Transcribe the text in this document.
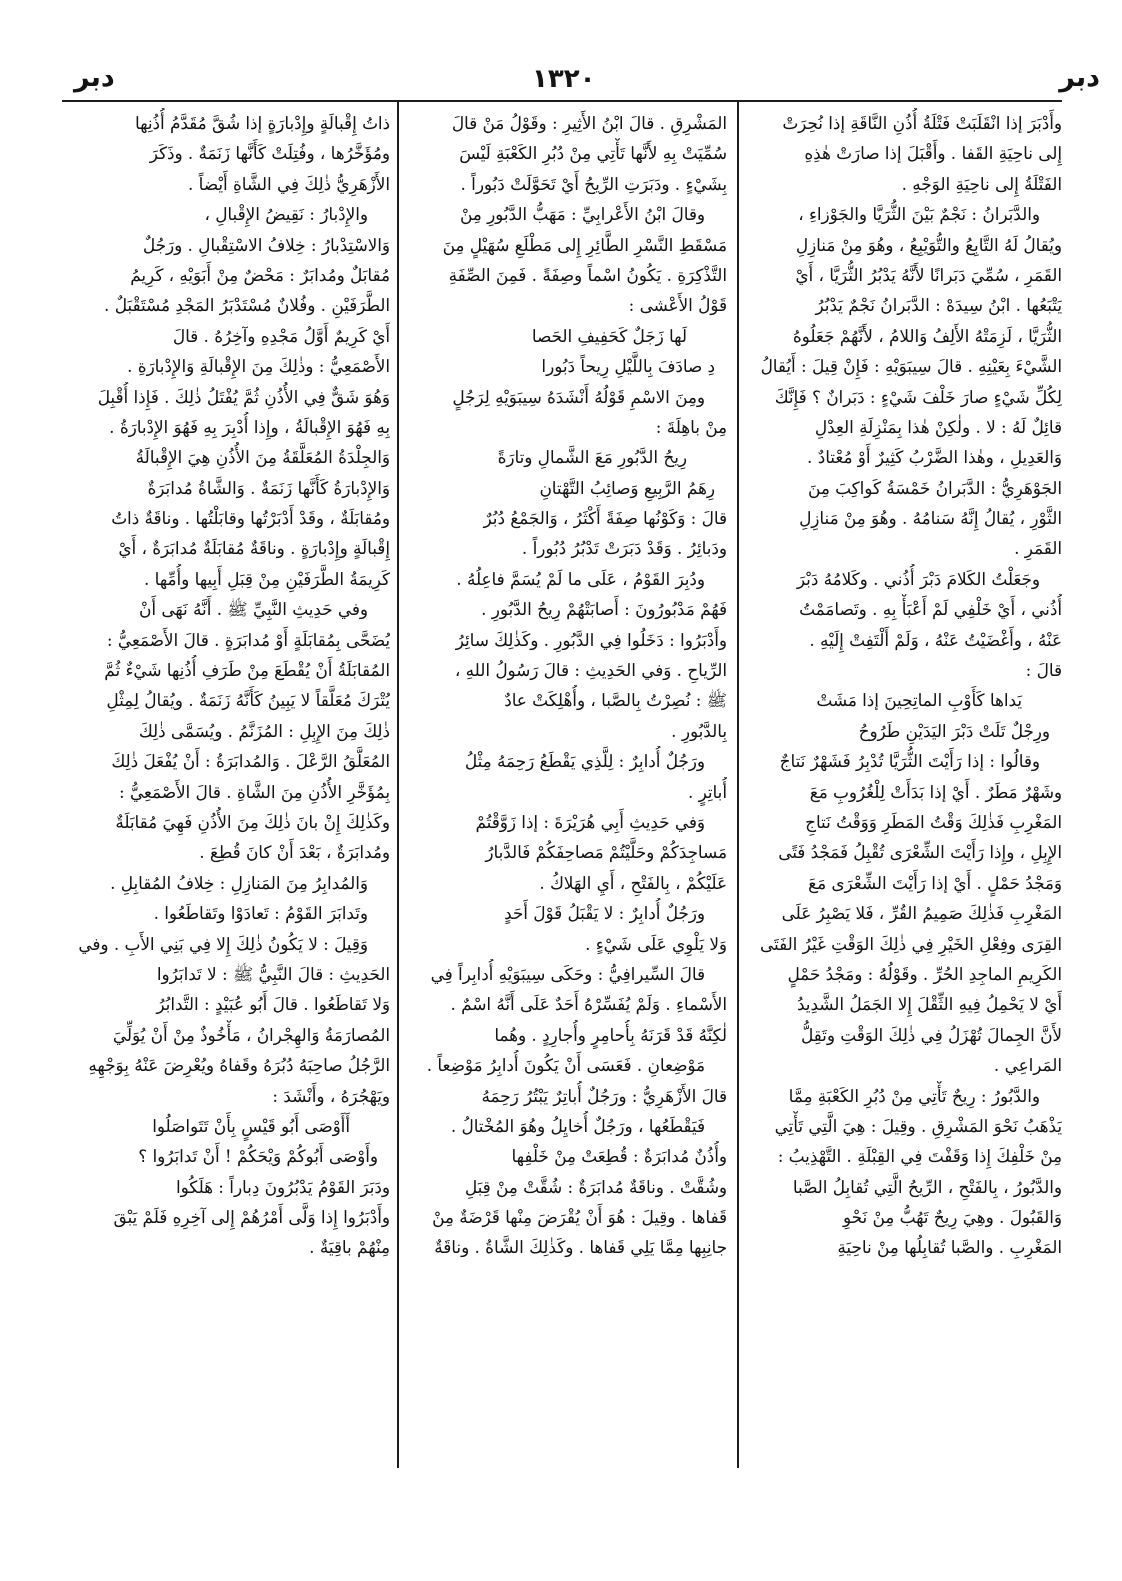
دبر
١٣٢٠
دبر
وأَدْبَرَ إذا انْقَلَبَتْ فَتْلَةُ أُذُنِ النَّاقَةِ إذا نُحِرَتْ
إِلى ناحِيَةِ القَفا . وأَقْبَلَ إذا صارَتْ هٰذِهِ
الفَتْلَةُ إِلى ناحِيَةِ الوَجْهِ .
والدَّبَرانُ : نَجْمٌ بَيْنَ الثُّرَيَّا والجَوْزاءِ ،
ويُقالُ لَهُ التَّابِعُ والتُّوَيْبِعُ ، وهُوَ مِنْ مَنازِلِ
القَمَرِ ، سُمِّيَ دَبَرانًا لأَنَّهُ يَدْبُرُ الثُّرَيَّا ، أَيْ
يَتْبَعُها . ابْنُ سِيدَهْ : الدَّبَرانُ نَجْمٌ يَدْبُرُ
الثُّرَيَّا ، لَزِمَتْهُ الأَلِفُ وَاللامُ ، لأَنَّهُمْ جَعَلُوهُ
الشَّيْءَ بِعَيْنِهِ . قالَ سِيبَوَيْهِ : فَإِنْ قِيلَ : أَيُقالُ
لِكُلِّ شَيْءٍ صارَ خَلْفَ شَيْءٍ : دَبَرانٌ ؟ فَإِنَّكَ
قائِلٌ لَهُ : لا . ولٰكِنْ هٰذا بِمَنْزِلَةِ العِدْلِ
وَالعَدِيلِ ، وهٰذا الضَّرْبُ كَثِيرٌ أَوْ مُعْتادٌ .
الجَوْهَرِيُّ : الدَّبَرانُ خَمْسَةُ كَواكِبَ مِنَ
الثَّوْرِ ، يُقالُ إِنَّهُ سَنامُهُ . وهُوَ مِنْ مَنازِلِ
القَمَرِ .
وجَعَلْتُ الكَلامَ دَبْرَ أُذُني . وكَلامُهُ دَبْرَ
أُذُني ، أَيْ خَلْفِي لَمْ أَعْبَأْ بِهِ . وتَصامَمْتُ
عَنْهُ ، وأَغْضَيْتُ عَنْهُ ، وَلَمْ أَلْتَفِتْ إِلَيْهِ .
قالَ :
يَداها كَأَوْبِ الماتِحِينَ إذا مَشَتْ
ورِجْلٌ تَلَتْ دَبْرَ اليَدَيْنِ طَرُوحُ
وقالُوا : إذا رَأَيْتَ الثُّرَيَّا تُدْبِرُ فَشَهْرٌ نَتاجٌ
وشَهْرٌ مَطَرٌ . أَيْ إذا بَدَأَتْ لِلْغُرُوبِ مَعَ
المَغْرِبِ فَذٰلِكَ وَقْتُ المَطَرِ وَوَقْتُ نَتاجِ
الإِبِلِ ، وإِذا رَأَيْتَ الشِّعْرَى تُقْبِلُ فَمَجْدُ فَتًى
وَمَجْدُ حَمْلٍ . أَيْ إذا رَأَيْتَ الشِّعْرَى مَعَ
المَغْرِبِ فَذٰلِكَ صَمِيمُ القُرِّ ، فَلا يَصْبِرُ عَلَى
القِرَى وفِعْلِ الخَيْرِ فِي ذٰلِكَ الوَقْتِ غَيْرُ الفَتَى
الكَرِيمِ الماجِدِ الحُرِّ . وقَوْلُهُ : ومَجْدُ حَمْلٍ
أَيْ لا يَحْمِلُ فِيهِ الثِّقْلَ إِلا الجَمَلُ الشَّدِيدُ
لأَنَّ الجِمالَ تُهْزَلُ فِي ذٰلِكَ الوَقْتِ وتَقِلُّ
المَراعِي .
والدَّبُورُ : رِيحٌ تَأْتِي مِنْ دُبُرِ الكَعْبَةِ مِمَّا
يَذْهَبُ نَحْوَ المَشْرِقِ . وقِيلَ : هِيَ الَّتِي تَأْتِي
مِنْ خَلْفِكَ إِذا وَقَفْتَ فِي القِبْلَةِ . التَّهْذِيبُ :
والدَّبُورُ ، بِالفَتْحِ ، الرِّيحُ الَّتِي تُقابِلُ الصَّبا
وَالقَبُولَ . وهِيَ رِيحٌ تَهُبُّ مِنْ نَحْوِ
المَغْرِبِ . والصَّبا تُقابِلُها مِنْ ناحِيَةِ
المَشْرِقِ . قالَ ابْنُ الأَثِيرِ : وقَوْلُ مَنْ قالَ
سُمِّيَتْ بِهِ لأَنَّها تَأْتِي مِنْ دُبُرِ الكَعْبَةِ لَيْسَ
بِشَيْءٍ . ودَبَرَتِ الرِّيحُ أَيْ تَحَوَّلَتْ دَبُوراً .
وقالَ ابْنُ الأَعْرابِيِّ : مَهَبُّ الدَّبُورِ مِنْ
مَسْقَطِ النَّسْرِ الطَّائِرِ إِلى مَطْلَعِ سُهَيْلٍ مِنَ
التَّذْكِرَةِ . يَكُونُ اسْماً وصِفَةً . فَمِنَ الصِّفَةِ
قَوْلُ الأَعْشى :
لَها زَجَلٌ كَحَفِيفِ الحَصا
دِ صادَفَ بِاللَّيْلِ رِيحاً دَبُورا
ومِنَ الاسْمِ قَوْلُهُ أَنْشَدَهُ سِيبَوَيْهِ لِرَجُلٍ
مِنْ باهِلَةَ :
رِيحُ الدَّبُورِ مَعَ الشَّمالِ وتارَةً
رِهَمُ الرَّبِيعِ وَصائِبُ التَّهْتانِ
قالَ : وَكَوْنُها صِفَةً أَكْثَرُ ، وَالجَمْعُ دُبُرٌ
ودَبائِرُ . وَقَدْ دَبَرَتْ تَدْبُرُ دُبُوراً .
ودُبِرَ القَوْمُ ، عَلَى ما لَمْ يُسَمَّ فاعِلُهُ .
فَهُمْ مَدْبُورُونَ : أَصابَتْهُمْ رِيحُ الدَّبُورِ .
وأَدْبَرُوا : دَخَلُوا فِي الدَّبُورِ . وكَذٰلِكَ سائِرُ
الرِّياحِ . وَفي الحَدِيثِ : قالَ رَسُولُ اللهِ ،
ﷺ : نُصِرْتُ بِالصَّبا ، وأُهْلِكَتْ عادٌ
بِالدَّبُورِ .
ورَجُلٌ أُدابِرٌ : لِلَّذِي يَقْطَعُ رَحِمَهُ مِثْلُ
أُباتِرٍ .
وَفي حَدِيثِ أَبِي هُرَيْرَةَ : إذا زَوَّقْتُمْ
مَساجِدَكُمْ وحَلَّيْتُمْ مَصاحِفَكُمْ فَالدَّبارُ
عَلَيْكُمْ ، بِالفَتْحِ ، أَيِ الهَلاكُ .
ورَجُلٌ أُدابِرٌ : لا يَقْبَلُ قَوْلَ أَحَدٍ
وَلا يَلْوِي عَلَى شَيْءٍ .
قالَ السِّيرافِيُّ : وحَكَى سِيبَوَيْهِ أُدابِراً فِي
الأَسْماءِ . وَلَمْ يُفَسِّرْهُ أَحَدٌ عَلَى أَنَّهُ اسْمٌ .
لٰكِنَّهُ قَدْ قَرَنَهُ بِأُحامِرٍ وأُجارِدٍ . وهُما
مَوْضِعانِ . فَعَسَى أَنْ يَكُونَ أُدابِرُ مَوْضِعاً .
قالَ الأَزْهَرِيُّ : ورَجُلٌ أُباتِرٌ يَبْتُرُ رَحِمَهُ
فَيَقْطَعُها ، ورَجُلٌ أُخايِلُ وهُوَ المُخْتالُ .
وأُذُنٌ مُدابَرَةٌ : قُطِعَتْ مِنْ خَلْفِها
وشُقَّتْ . وناقَةٌ مُدابَرَةٌ : شُقَّتْ مِنْ قِبَلِ
قَفاها . وقِيلَ : هُوَ أَنْ يُقْرَضَ مِنْها قَرْضَةٌ مِنْ
جانِبِها مِمَّا يَلِي قَفاها . وكَذٰلِكَ الشَّاةُ . وناقَةٌ
ذاتُ إِقْبالَةٍ وإِدْبارَةٍ إذا شُقَّ مُقَدَّمُ أُذُنِها
ومُؤَخَّرُها ، وفُتِلَتْ كَأَنَّها زَنَمَةٌ . وذَكَرَ
الأَزْهَرِيُّ ذٰلِكَ فِي الشَّاةِ أَيْضاً .
والإِدْبارُ : نَقِيضُ الإِقْبالِ ،
وَالاسْتِدْبارُ : خِلافُ الاسْتِقْبالِ . ورَجُلٌ
مُقابَلٌ ومُدابَرٌ : مَحْضٌ مِنْ أَبَوَيْهِ ، كَرِيمُ
الطَّرَفَيْنِ . وفُلانٌ مُسْتَدْبَرُ المَجْدِ مُسْتَقْبَلٌ .
أَيْ كَرِيمٌ أَوَّلُ مَجْدِهِ وآخِرُهُ . قالَ
الأَصْمَعِيُّ : وذٰلِكَ مِنَ الإِقْبالَةِ وَالإِدْبارَةِ .
وَهُوَ شَقٌّ فِي الأُذُنِ ثُمَّ يُفْتَلُ ذٰلِكَ . فَإِذا أُقْبِلَ
بِهِ فَهُوَ الإِقْبالَةُ ، وإِذا أُدْبِرَ بِهِ فَهُوَ الإِدْبارَةُ .
وَالجِلْدَةُ المُعَلَّقَةُ مِنَ الأُذُنِ هِيَ الإِقْبالَةُ
وَالإِدْبارَةُ كَأَنَّها زَنَمَةٌ . وَالشَّاةُ مُدابَرَةٌ
ومُقابَلَةٌ ، وقَدْ أَدْبَرْتُها وقابَلْتُها . وناقَةٌ ذاتُ
إِقْبالَةٍ وإِدْبارَةٍ . وناقَةٌ مُقابَلَةٌ مُدابَرَةٌ ، أَيْ
كَرِيمَةُ الطَّرَفَيْنِ مِنْ قِبَلِ أَبِيها وأُمِّها .
وفي حَدِيثِ النَّبِيِّ ﷺ . أَنَّهُ نَهَى أَنْ
يُضَحَّى بِمُقابَلَةٍ أَوْ مُدابَرَةٍ . قالَ الأَصْمَعِيُّ :
المُقابَلَةُ أَنْ يُقْطَعَ مِنْ طَرَفِ أُذُنِها شَيْءٌ ثُمَّ
يُتْرَكَ مُعَلَّقاً لا يَبِينُ كَأَنَّهُ زَنَمَةٌ . ويُقالُ لِمِثْلِ
ذٰلِكَ مِنَ الإِبِلِ : المُزَنَّمُ . ويُسَمَّى ذٰلِكَ
المُعَلَّقُ الرَّعْلَ . وَالمُدابَرَةُ : أَنْ يُفْعَلَ ذٰلِكَ
بِمُؤَخَّرِ الأُذُنِ مِنَ الشَّاةِ . قالَ الأَصْمَعِيُّ :
وكَذٰلِكَ إِنْ بانَ ذٰلِكَ مِنَ الأُذُنِ فَهِيَ مُقابَلَةٌ
ومُدابَرَةٌ ، بَعْدَ أَنْ كانَ قُطِعَ .
وَالمُدابِرُ مِنَ المَنازِلِ : خِلافُ المُقابِلِ .
وتَدابَرَ القَوْمُ : تَعادَوْا وتَقاطَعُوا .
وَقِيلَ : لا يَكُونُ ذٰلِكَ إِلا فِي بَنِي الأَبِ . وفي
الحَدِيثِ : قالَ النَّبِيُّ ﷺ : لا تَدابَرُوا
وَلا تَقاطَعُوا . قالَ أَبُو عُبَيْدٍ : التَّدابُرُ
المُصارَمَةُ وَالهِجْرانُ ، مَأْخُوذٌ مِنْ أَنْ يُوَلِّيَ
الرَّجُلُ صاحِبَهُ دُبُرَهُ وقَفاهُ ويُعْرِضَ عَنْهُ بِوَجْهِهِ
ويَهْجُرَهُ ، وأَنْشَدَ :
أَأَوْصَى أَبُو قَيْسٍ بِأَنْ تَتَواصَلُوا
وأَوْصَى أَبُوكُمْ وَيْحَكُمْ ! أَنْ تَدابَرُوا ؟
ودَبَرَ القَوْمُ يَدْبُرُونَ دِباراً : هَلَكُوا
وأَدْبَرُوا إِذا وَلَّى أَمْرُهُمْ إِلى آخِرِهِ فَلَمْ يَبْقَ
مِنْهُمْ باقِيَةٌ .
